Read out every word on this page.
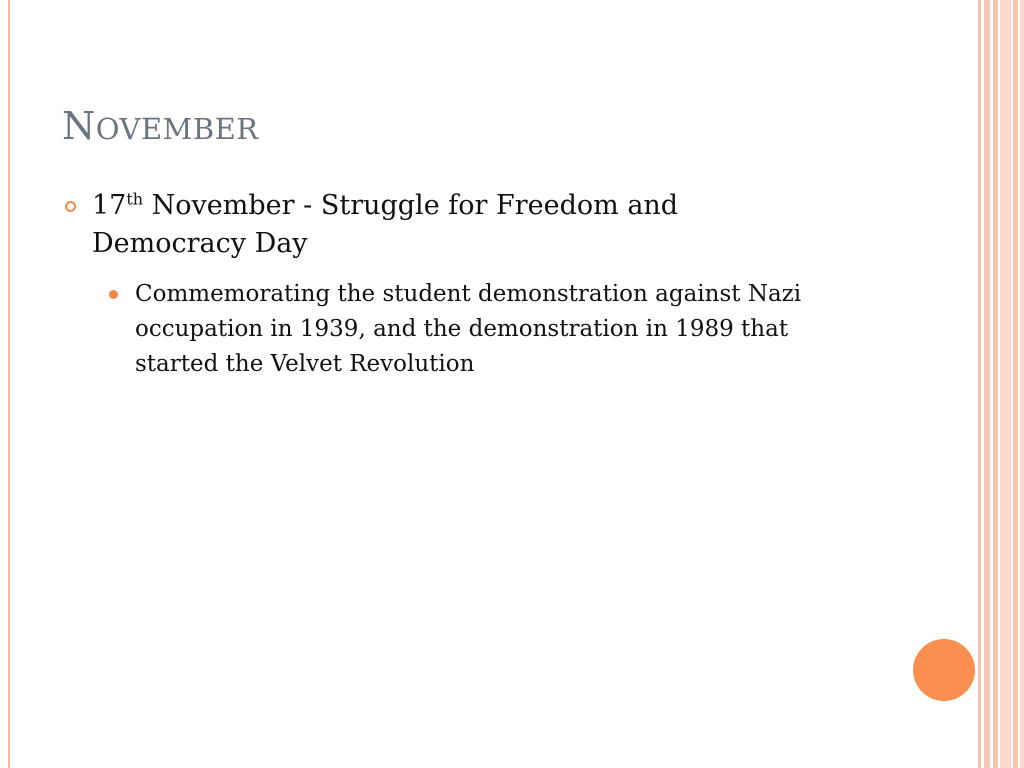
NOVEMBER
17th November - Struggle for Freedom and Democracy Day
Commemorating the student demonstration against Nazi occupation in 1939, and the demonstration in 1989 that started the Velvet Revolution
